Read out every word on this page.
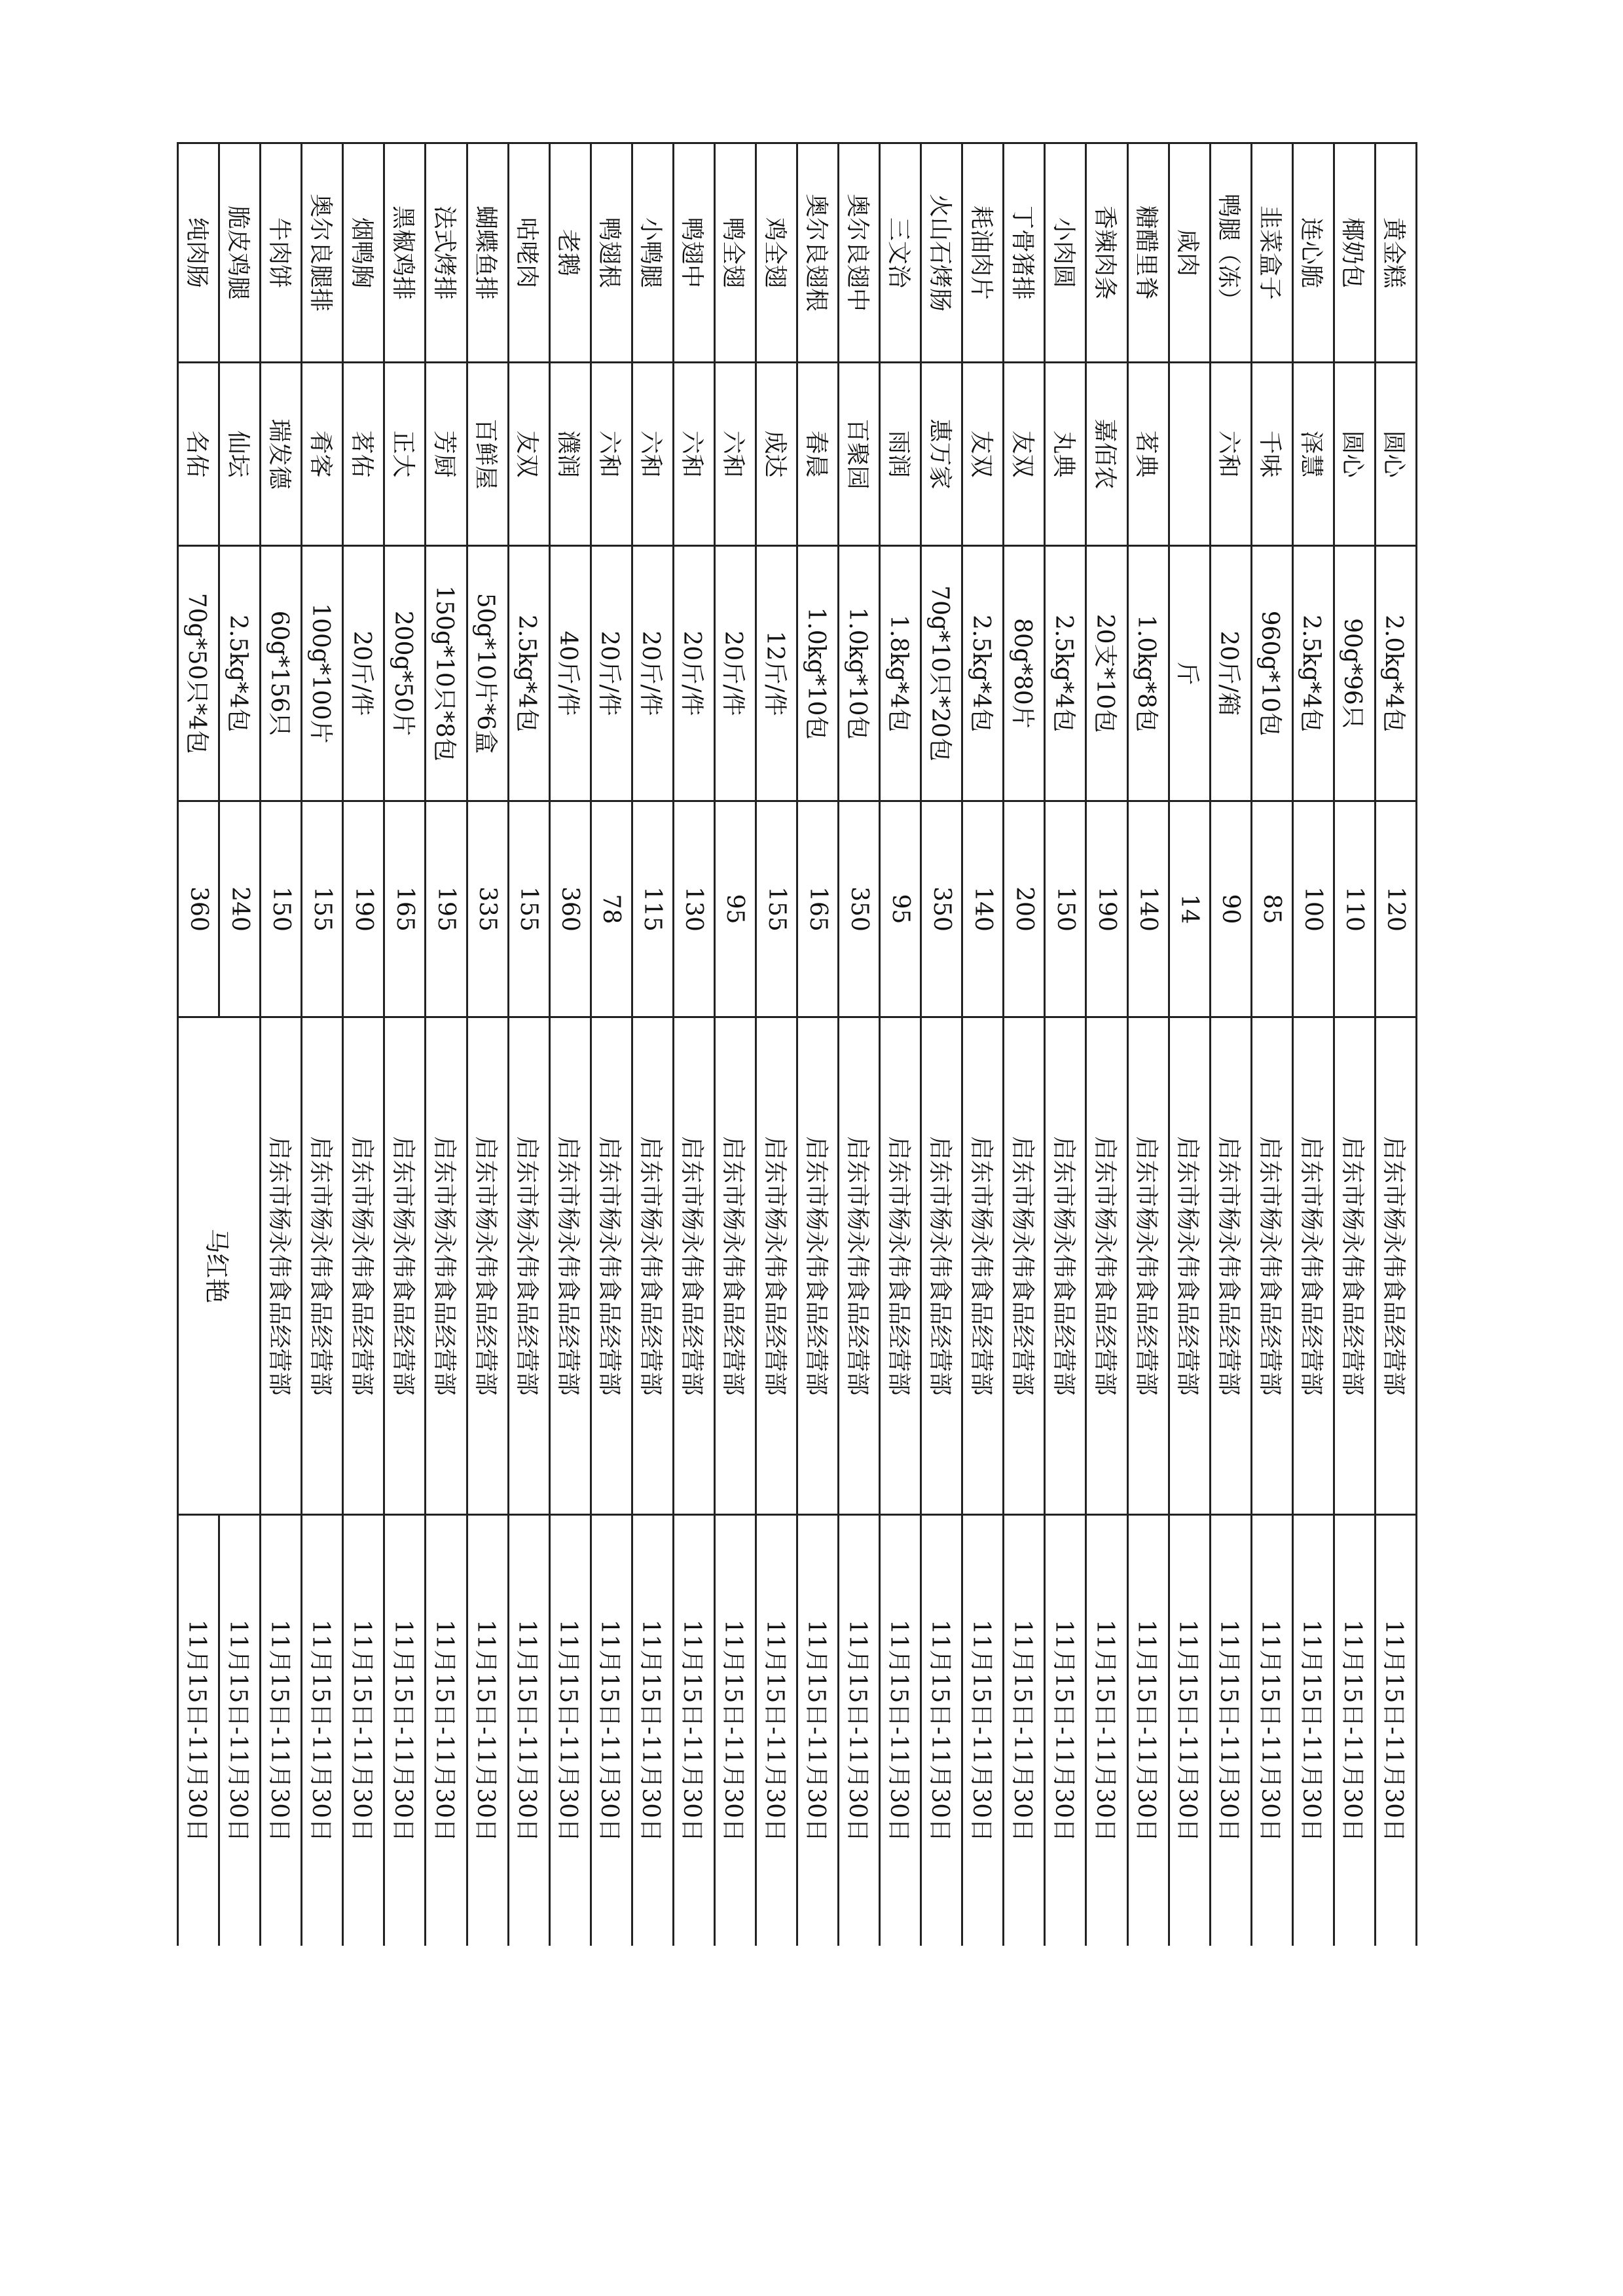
黄金糕	圆心	2.0kg*4包	120	启东市杨永伟食品经营部	11月15日-11月30日
椰奶包	圆心	90g*96只	110	启东市杨永伟食品经营部	11月15日-11月30日
连心脆	泽慧	2.5kg*4包	100	启东市杨永伟食品经营部	11月15日-11月30日
韭菜盒子	千味	960g*10包	85	启东市杨永伟食品经营部	11月15日-11月30日
鸭腿（冻）	六和	20斤/箱	90	启东市杨永伟食品经营部	11月15日-11月30日
咸肉		斤	14	启东市杨永伟食品经营部	11月15日-11月30日
糖醋里脊	茗典	1.0kg*8包	140	启东市杨永伟食品经营部	11月15日-11月30日
香辣肉条	嘉佰农	20支*10包	190	启东市杨永伟食品经营部	11月15日-11月30日
小肉圆	丸典	2.5kg*4包	150	启东市杨永伟食品经营部	11月15日-11月30日
丁骨猪排	友双	80g*80片	200	启东市杨永伟食品经营部	11月15日-11月30日
耗油肉片	友双	2.5kg*4包	140	启东市杨永伟食品经营部	11月15日-11月30日
火山石烤肠	惠万家	70g*10只*20包	350	启东市杨永伟食品经营部	11月15日-11月30日
三文治	雨润	1.8kg*4包	95	启东市杨永伟食品经营部	11月15日-11月30日
奥尔良翅中	百聚园	1.0kg*10包	350	启东市杨永伟食品经营部	11月15日-11月30日
奥尔良翅根	春晨	1.0kg*10包	165	启东市杨永伟食品经营部	11月15日-11月30日
鸡全翅	成达	12斤/件	155	启东市杨永伟食品经营部	11月15日-11月30日
鸭全翅	六和	20斤/件	95	启东市杨永伟食品经营部	11月15日-11月30日
鸭翅中	六和	20斤/件	130	启东市杨永伟食品经营部	11月15日-11月30日
小鸭腿	六和	20斤/件	115	启东市杨永伟食品经营部	11月15日-11月30日
鸭翅根	六和	20斤/件	78	启东市杨永伟食品经营部	11月15日-11月30日
老鹅	濮润	40斤/件	360	启东市杨永伟食品经营部	11月15日-11月30日
咕咾肉	友双	2.5kg*4包	155	启东市杨永伟食品经营部	11月15日-11月30日
蝴蝶鱼排	百鲜屋	50g*10片*6盒	335	启东市杨永伟食品经营部	11月15日-11月30日
法式烤排	芳厨	150g*10只*8包	195	启东市杨永伟食品经营部	11月15日-11月30日
黑椒鸡排	正大	200g*50片	165	启东市杨永伟食品经营部	11月15日-11月30日
烟鸭胸	茗佑	20斤/件	190	启东市杨永伟食品经营部	11月15日-11月30日
奥尔良腿排	肴客	100g*100片	155	启东市杨永伟食品经营部	11月15日-11月30日
牛肉饼	瑞发德	60g*156只	150	启东市杨永伟食品经营部	11月15日-11月30日
脆皮鸡腿	仙坛	2.5kg*4包	240	马红艳	11月15日-11月30日
纯肉肠	名佑	70g*50只*4包	360		11月15日-11月30日
